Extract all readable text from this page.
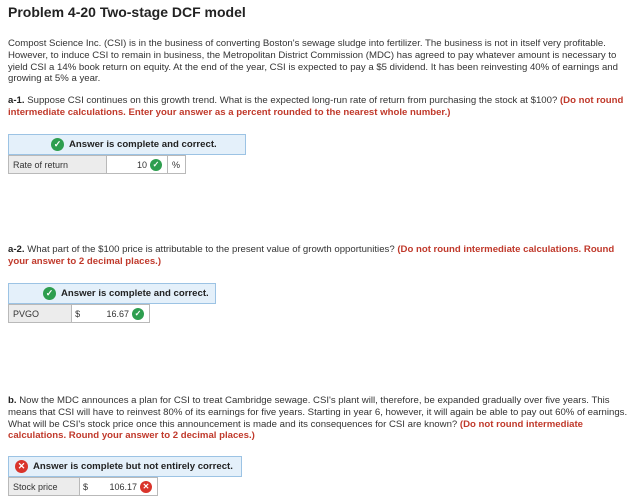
Problem 4-20 Two-stage DCF model
Compost Science Inc. (CSI) is in the business of converting Boston's sewage sludge into fertilizer. The business is not in itself very profitable. However, to induce CSI to remain in business, the Metropolitan District Commission (MDC) has agreed to pay whatever amount is necessary to yield CSI a 14% book return on equity. At the end of the year, CSI is expected to pay a $5 dividend. It has been reinvesting 40% of earnings and growing at 5% a year.
a-1. Suppose CSI continues on this growth trend. What is the expected long-run rate of return from purchasing the stock at $100? (Do not round intermediate calculations. Enter your answer as a percent rounded to the nearest whole number.)
✓ Answer is complete and correct.
Rate of return	10 ✓	%
a-2. What part of the $100 price is attributable to the present value of growth opportunities? (Do not round intermediate calculations. Round your answer to 2 decimal places.)
✓ Answer is complete and correct.
PVGO	$	16.67 ✓
b. Now the MDC announces a plan for CSI to treat Cambridge sewage. CSI's plant will, therefore, be expanded gradually over five years. This means that CSI will have to reinvest 80% of its earnings for five years. Starting in year 6, however, it will again be able to pay out 60% of earnings. What will be CSI's stock price once this announcement is made and its consequences for CSI are known? (Do not round intermediate calculations. Round your answer to 2 decimal places.)
✕ Answer is complete but not entirely correct.
Stock price	$ 106.17 ✕
